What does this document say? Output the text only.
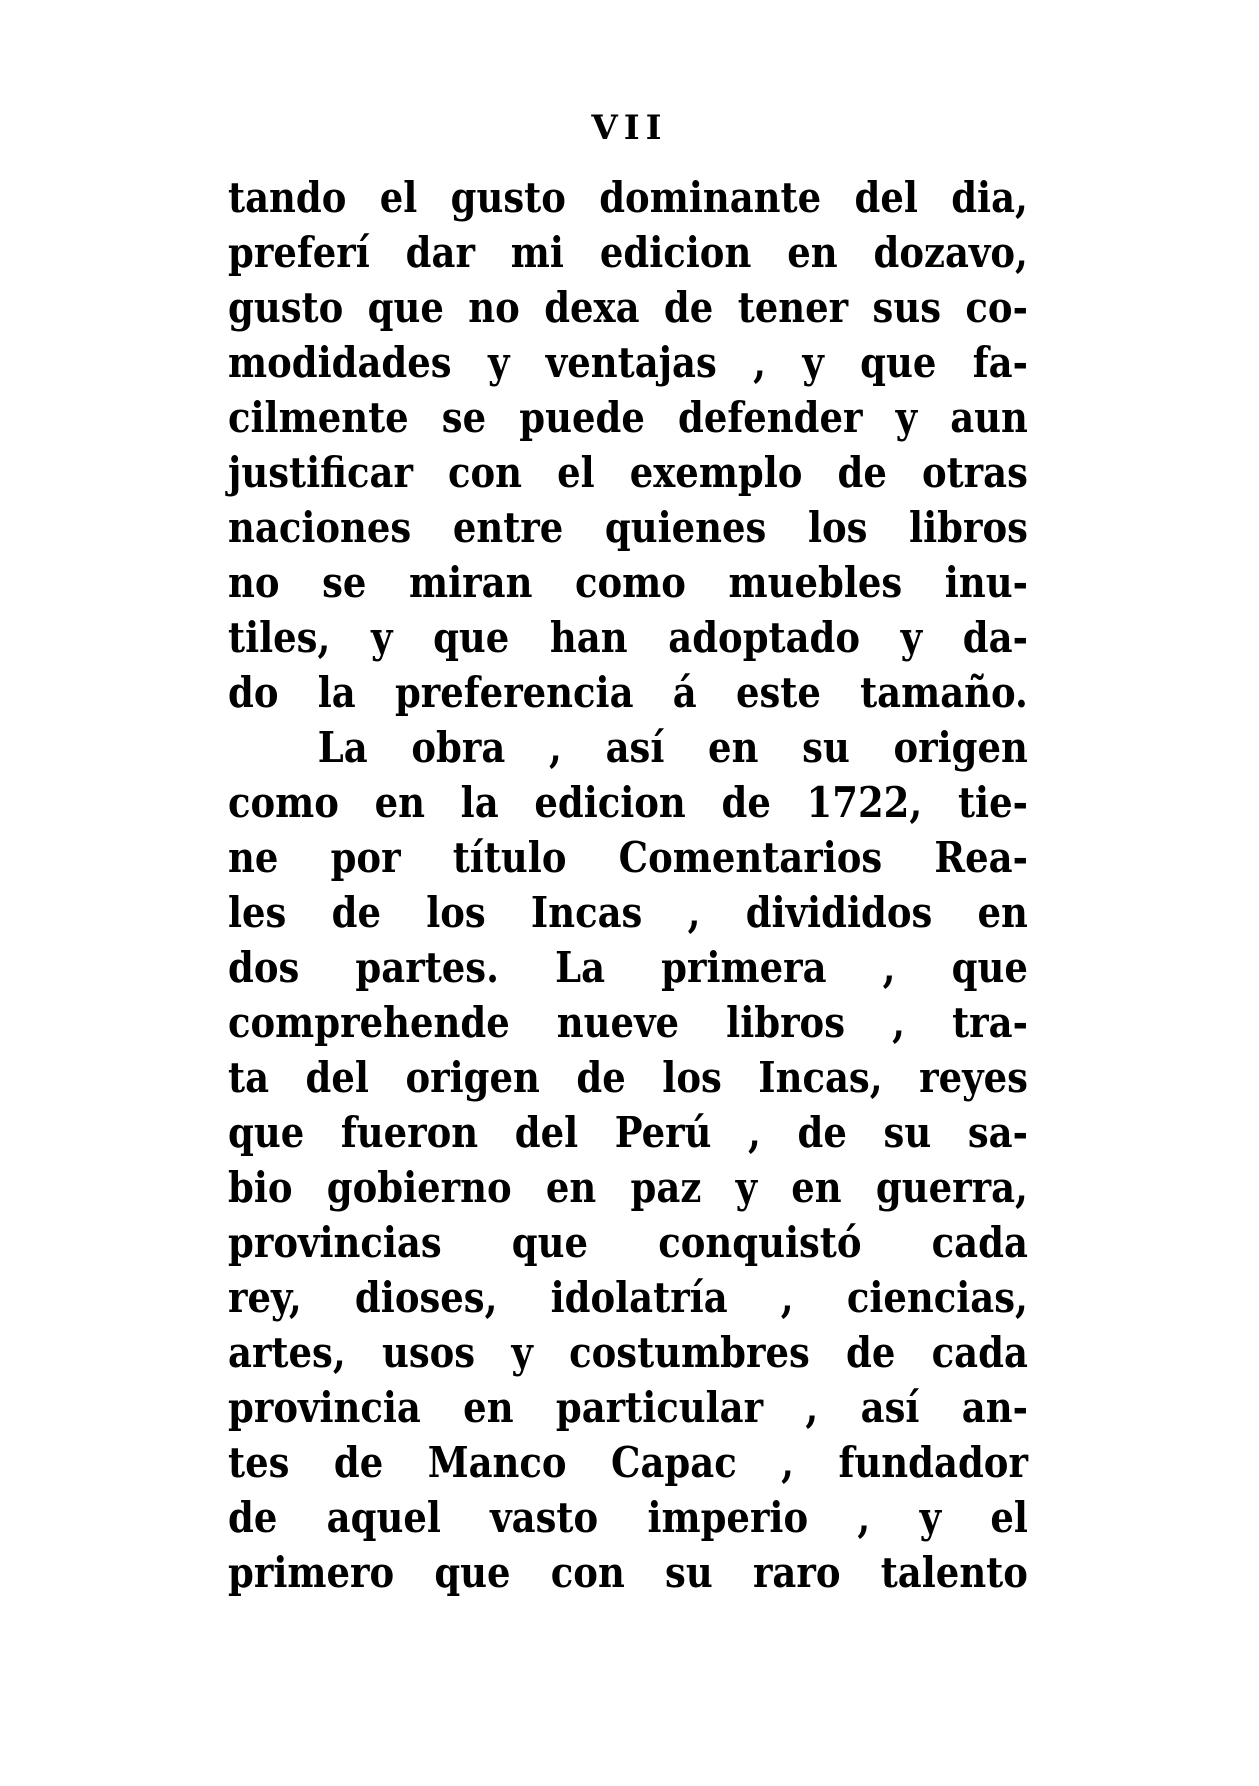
VII
tando el gusto dominante del dia,
preferí dar mi edicion en dozavo,
gusto que no dexa de tener sus co-
modidades y ventajas , y que fa-
cilmente se puede defender y aun
justificar con el exemplo de otras
naciones entre quienes los libros
no se miran como muebles inu-
tiles, y que han adoptado y da-
do la preferencia á este tamaño.
La obra , así en su origen
como en la edicion de 1722, tie-
ne por título Comentarios Rea-
les de los Incas , divididos en
dos partes. La primera , que
comprehende nueve libros , tra-
ta del origen de los Incas, reyes
que fueron del Perú , de su sa-
bio gobierno en paz y en guerra,
provincias que conquistó cada
rey, dioses, idolatría , ciencias,
artes, usos y costumbres de cada
provincia en particular , así an-
tes de Manco Capac , fundador
de aquel vasto imperio , y el
primero que con su raro talento
